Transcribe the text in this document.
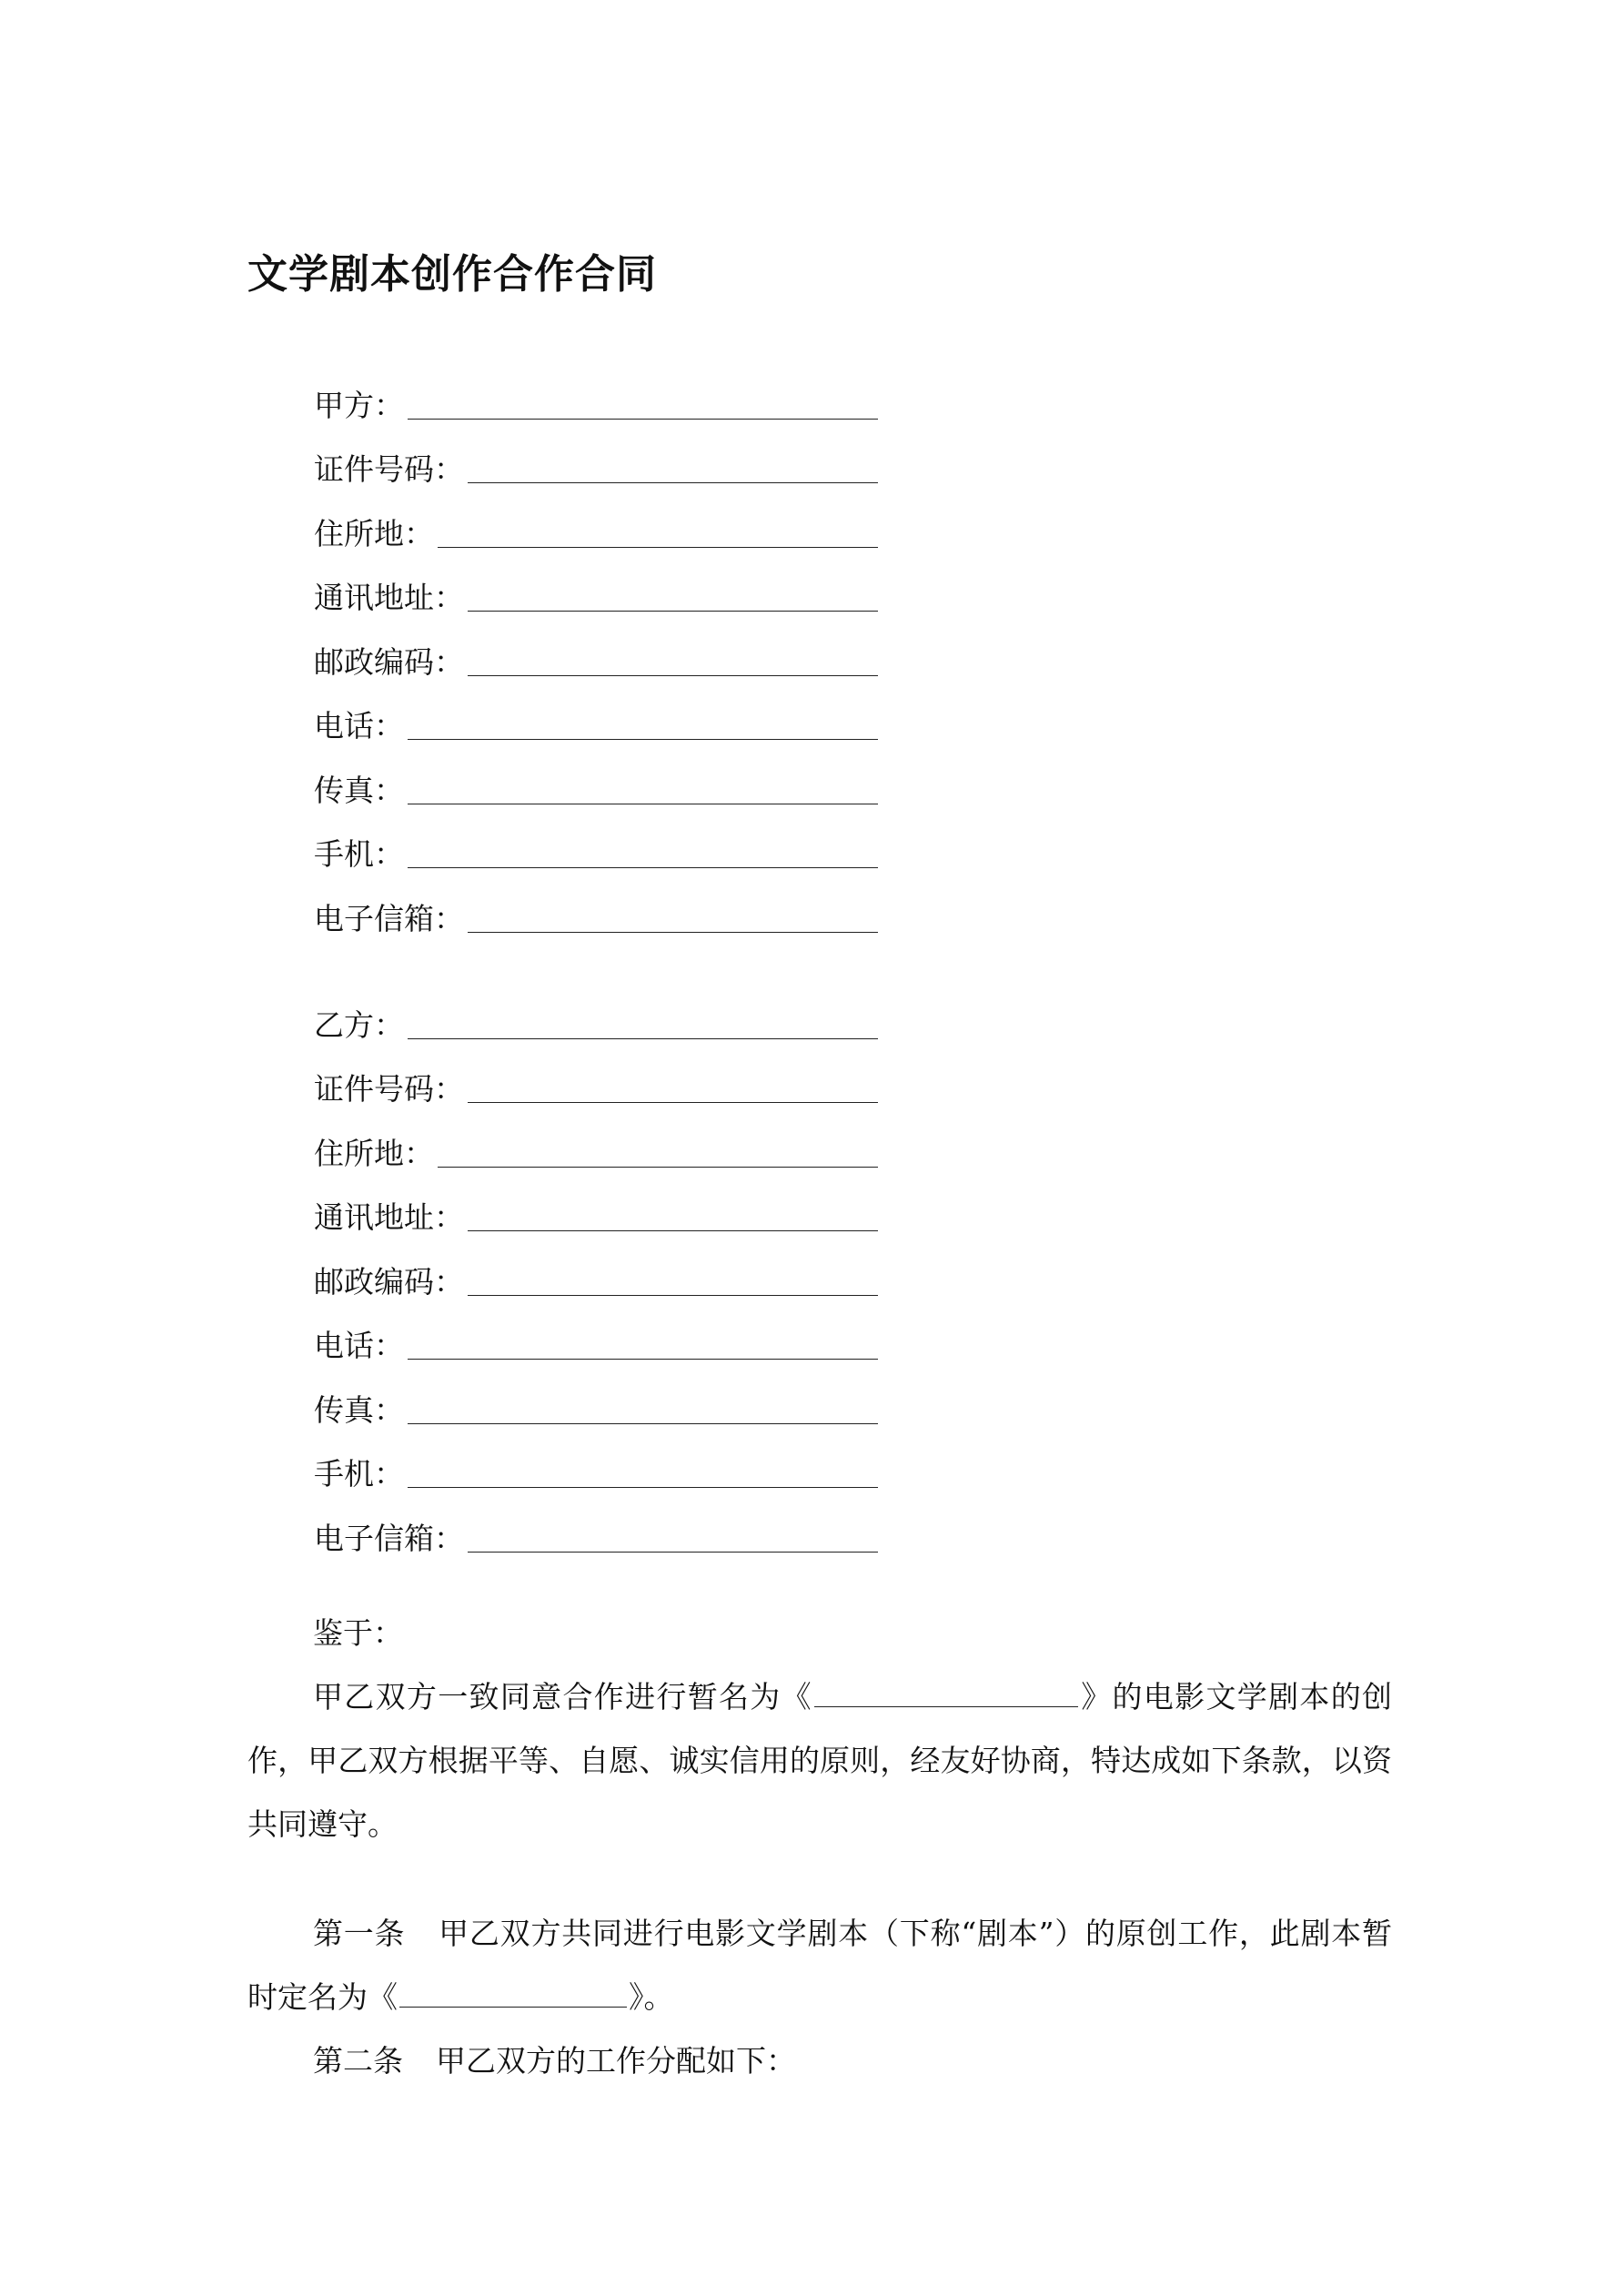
文学剧本创作合作合同
甲方：
证件号码：
住所地：
通讯地址：
邮政编码：
电话：
传真：
手机：
电子信箱：
乙方：
证件号码：
住所地：
通讯地址：
邮政编码：
电话：
传真：
手机：
电子信箱：
鉴于：
甲乙双方一致同意合作进行暂名为《	》的电影文学剧本的创作，甲乙双方根据平等、自愿、诚实信用的原则，经友好协商，特达成如下条款，以资共同遵守。
第一条 甲乙双方共同进行电影文学剧本（下称“剧本”）的原创工作，此剧本暂时定名为《	》。
第二条 甲乙双方的工作分配如下：
